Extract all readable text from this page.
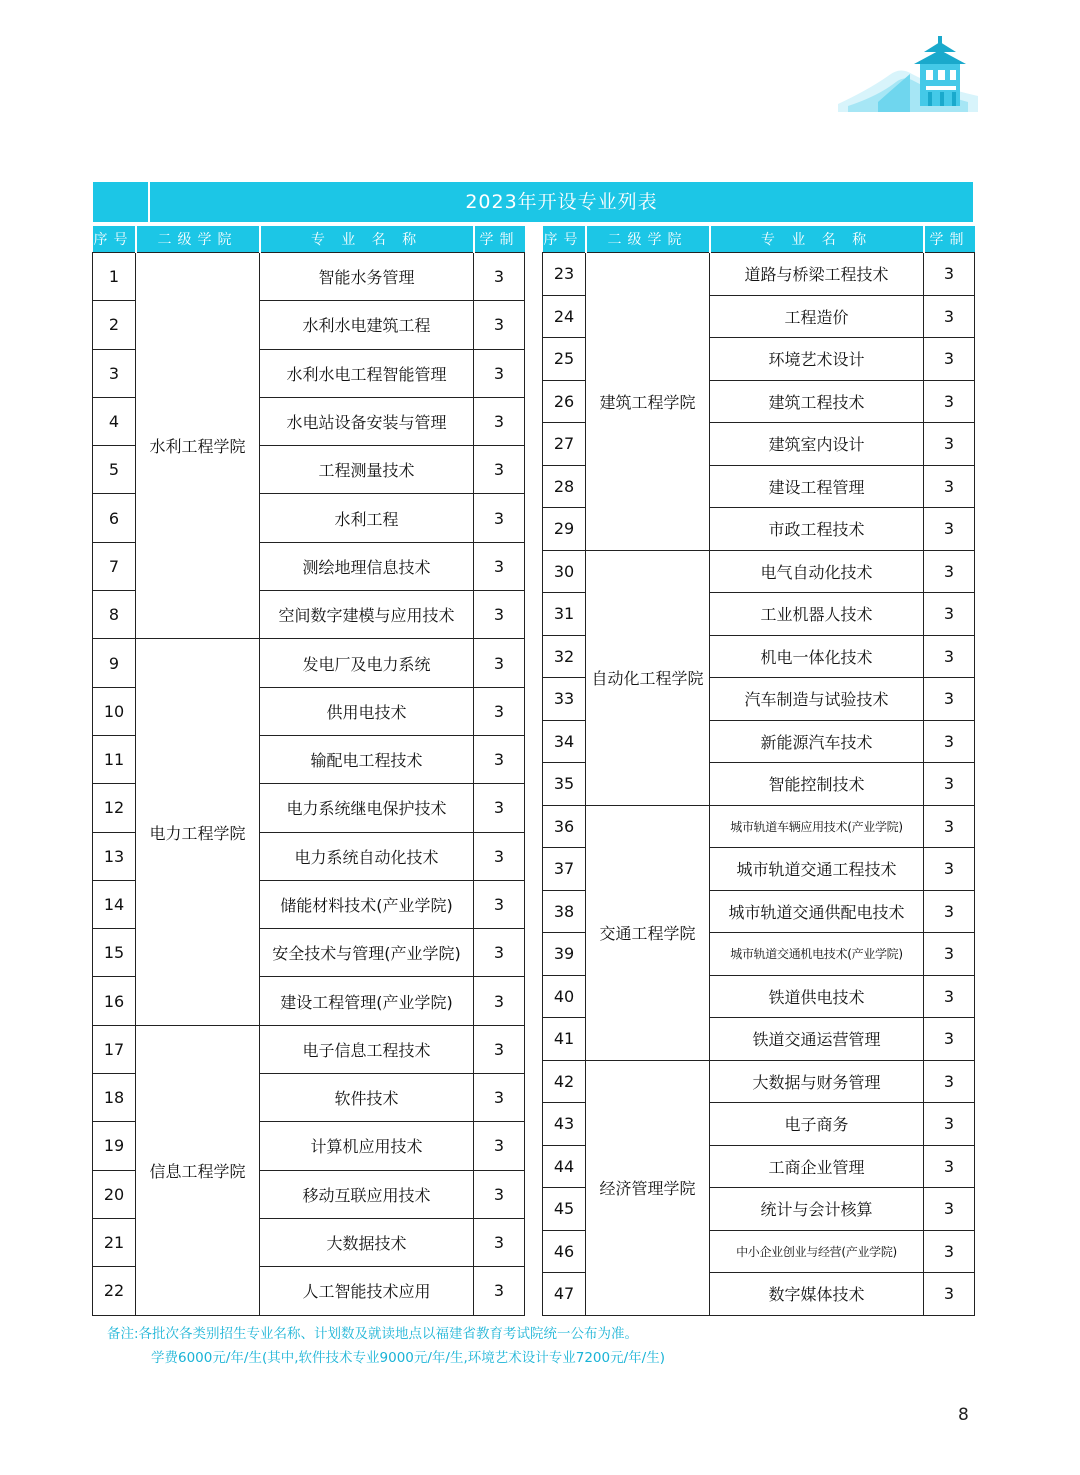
2023年开设专业列表
序号	二级学院	专 业 名 称	学制
1	水利工程学院	智能水务管理	3
2		水利水电建筑工程	3
3		水利水电工程智能管理	3
4		水电站设备安装与管理	3
5		工程测量技术	3
6		水利工程	3
7		测绘地理信息技术	3
8		空间数字建模与应用技术	3
9	电力工程学院	发电厂及电力系统	3
10		供用电技术	3
11		输配电工程技术	3
12		电力系统继电保护技术	3
13		电力系统自动化技术	3
14		储能材料技术(产业学院)	3
15		安全技术与管理(产业学院)	3
16		建设工程管理(产业学院)	3
17	信息工程学院	电子信息工程技术	3
18		软件技术	3
19		计算机应用技术	3
20		移动互联应用技术	3
21		大数据技术	3
22		人工智能技术应用	3
序号	二级学院	专 业 名 称	学制
23	建筑工程学院	道路与桥梁工程技术	3
24		工程造价	3
25		环境艺术设计	3
26		建筑工程技术	3
27		建筑室内设计	3
28		建设工程管理	3
29		市政工程技术	3
30	自动化工程学院	电气自动化技术	3
31		工业机器人技术	3
32		机电一体化技术	3
33		汽车制造与试验技术	3
34		新能源汽车技术	3
35		智能控制技术	3
36	交通工程学院	城市轨道车辆应用技术(产业学院)	3
37		城市轨道交通工程技术	3
38		城市轨道交通供配电技术	3
39		城市轨道交通机电技术(产业学院)	3
40		铁道供电技术	3
41		铁道交通运营管理	3
42	经济管理学院	大数据与财务管理	3
43		电子商务	3
44		工商企业管理	3
45		统计与会计核算	3
46		中小企业创业与经营(产业学院)	3
47		数字媒体技术	3
备注:各批次各类别招生专业名称、计划数及就读地点以福建省教育考试院统一公布为准。
学费6000元/年/生(其中,软件技术专业9000元/年/生,环境艺术设计专业7200元/年/生)
8
